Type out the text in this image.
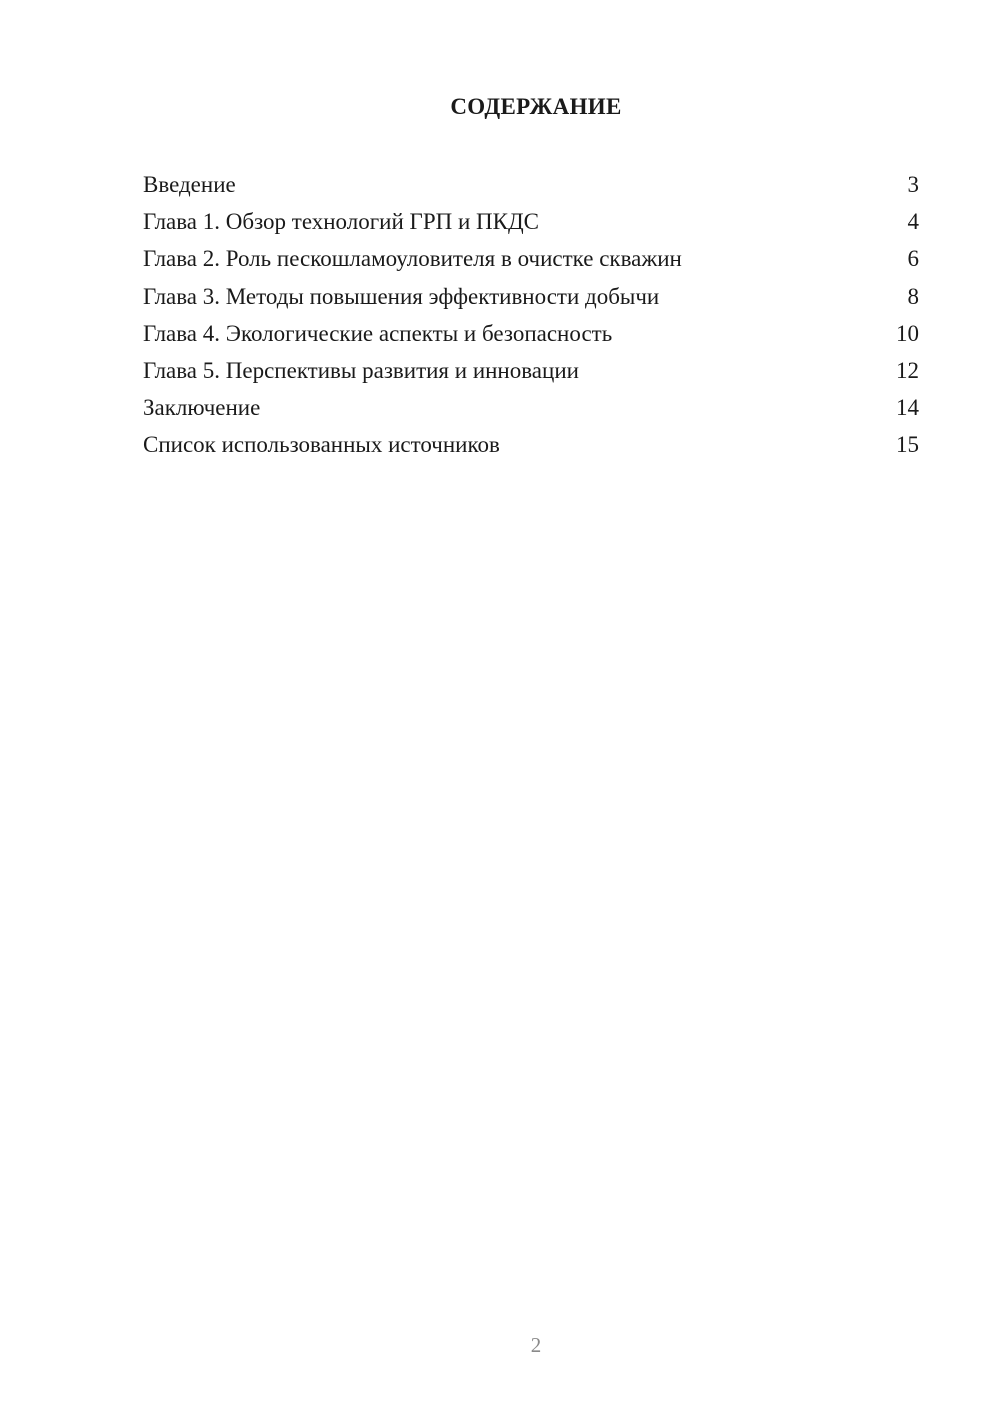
СОДЕРЖАНИЕ
Введение	3
Глава 1. Обзор технологий ГРП и ПКДС	4
Глава 2. Роль пескошламоуловителя в очистке скважин	6
Глава 3. Методы повышения эффективности добычи	8
Глава 4. Экологические аспекты и безопасность	10
Глава 5. Перспективы развития и инновации	12
Заключение	14
Список использованных источников	15
2
